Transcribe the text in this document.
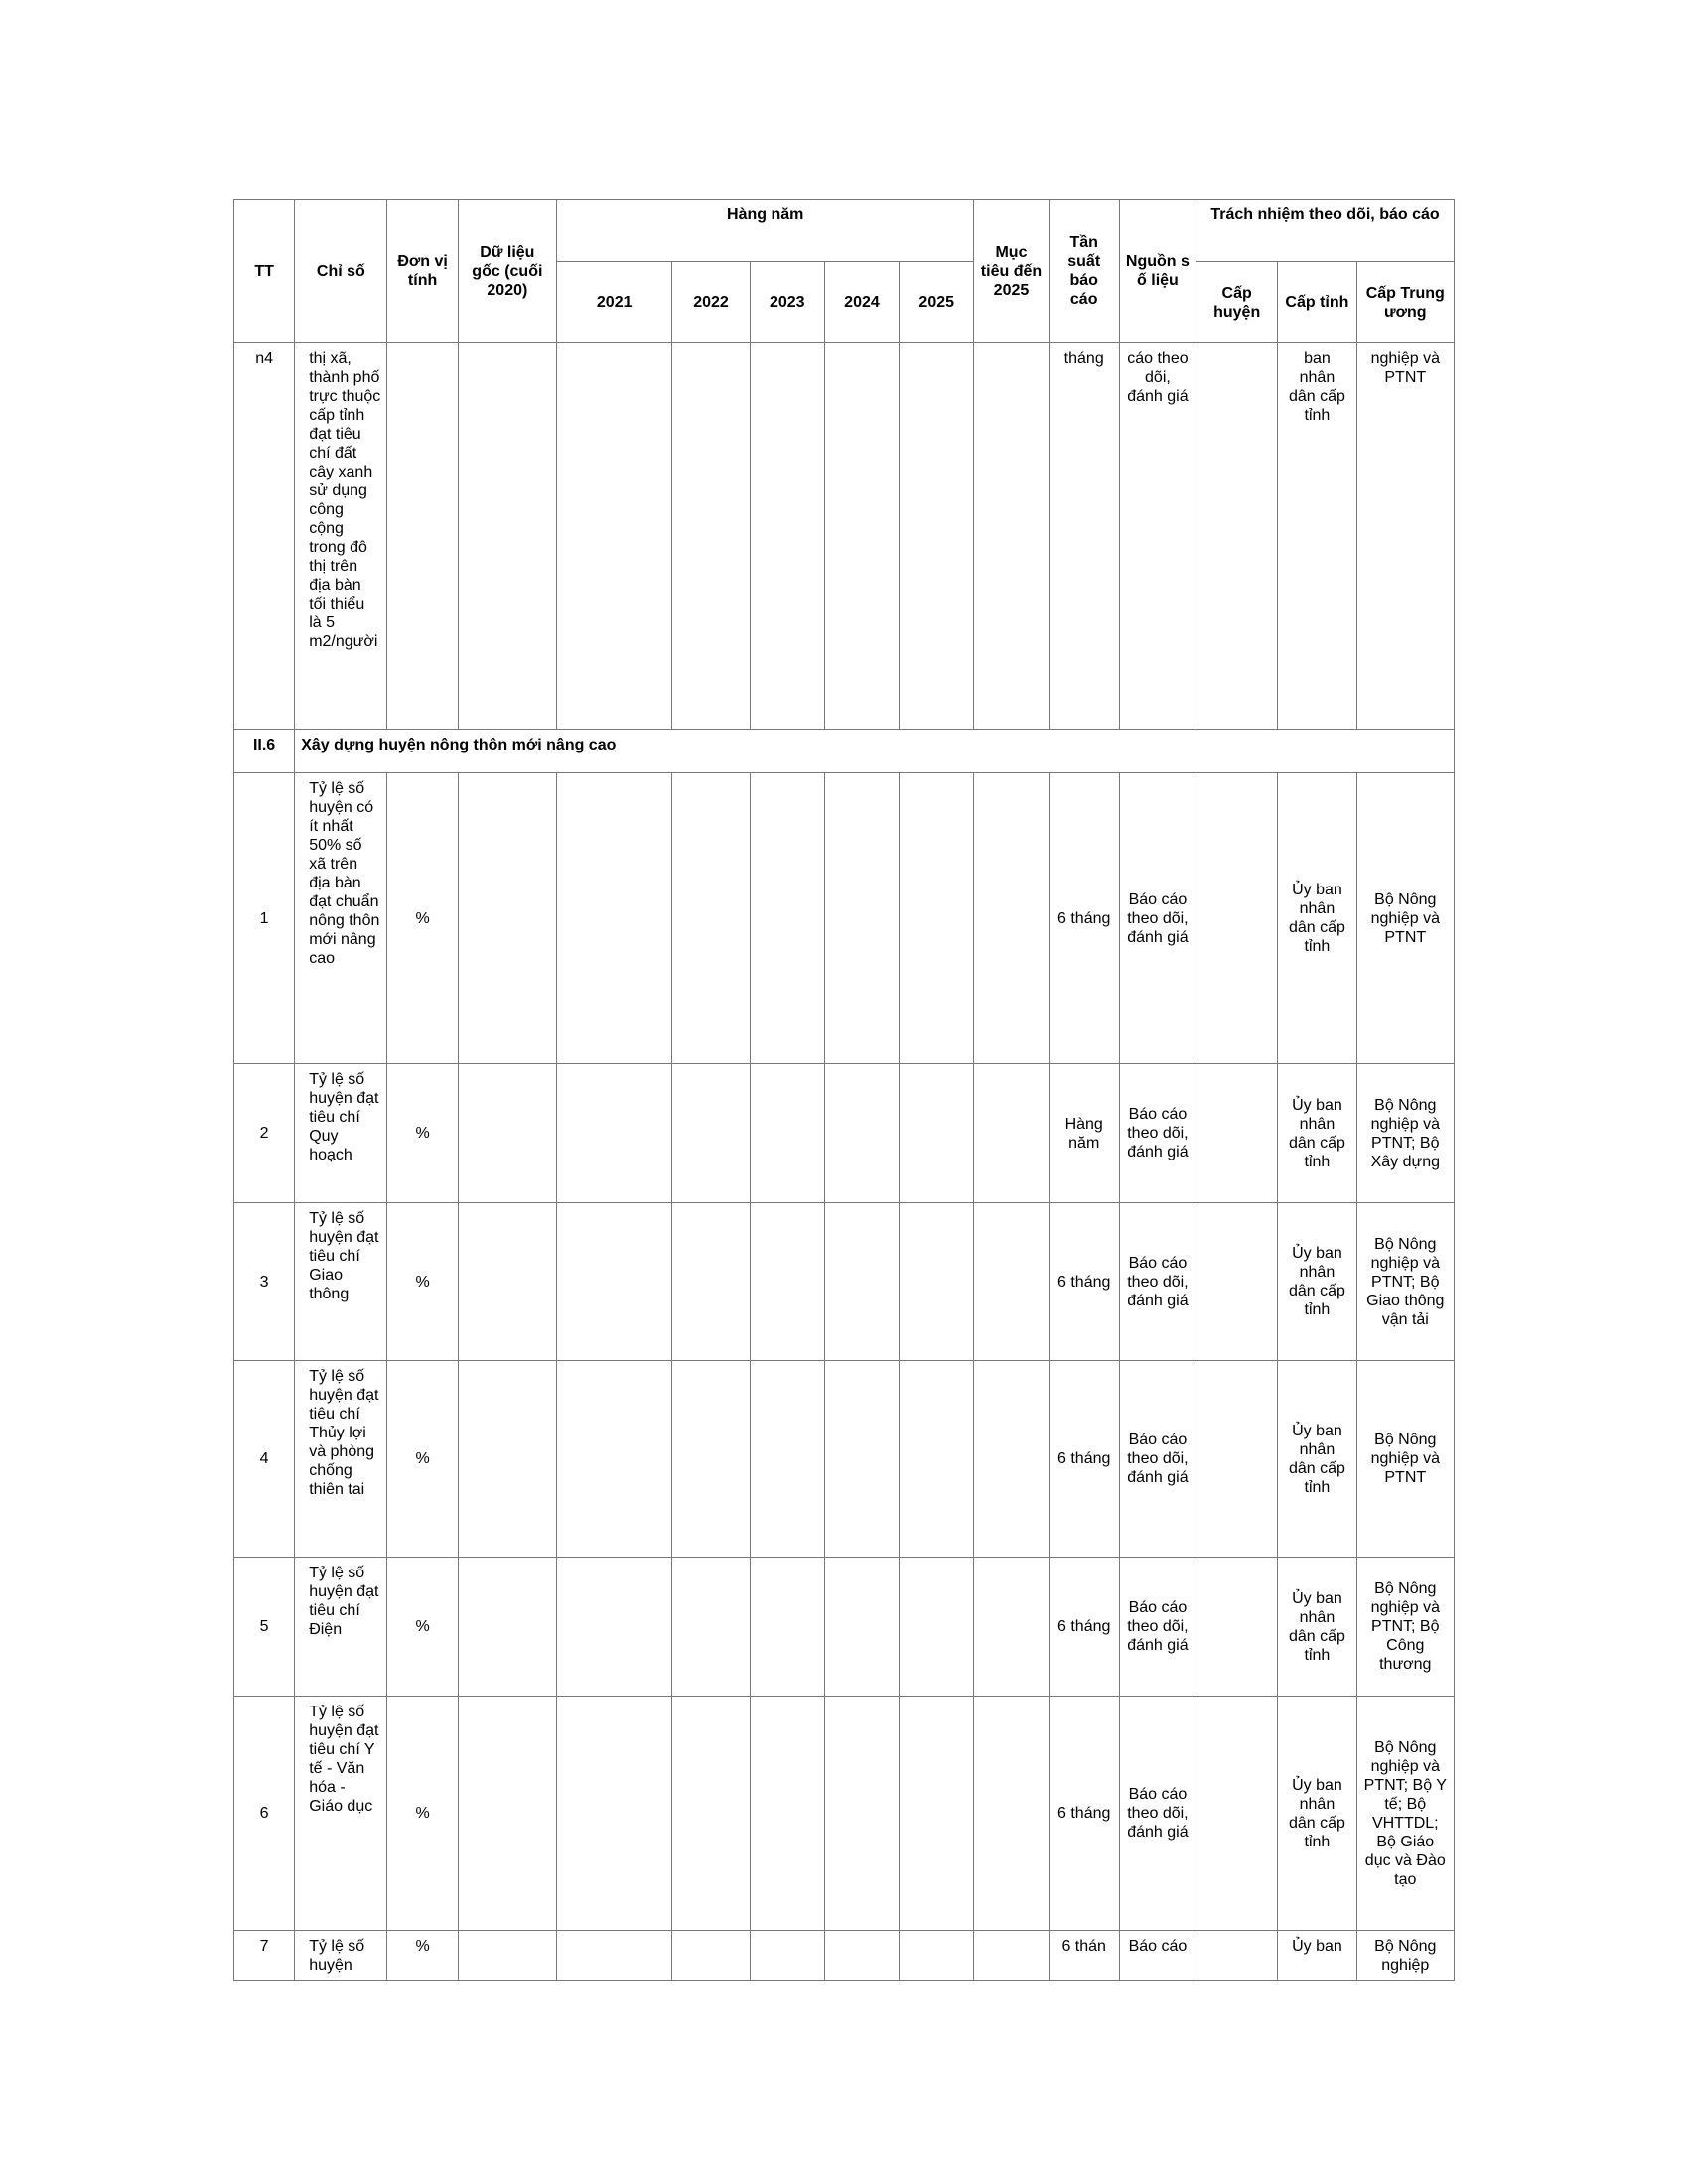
TT	Chỉ số	Đơn vị tính	Dữ liệu gốc (cuối 2020)	Hàng năm					Mục tiêu đến 2025	Tần suất báo cáo	Nguồn số liệu	Trách nhiệm theo dõi, báo cáo		
				2021	2022	2023	2024	2025				Cấp huyện	Cấp tỉnh	Cấp Trung ương
n4	thị xã, thành phố trực thuộc cấp tỉnh đạt tiêu chí đất cây xanh sử dụng công cộng trong đô thị trên địa bàn tối thiểu là 5 m2/người									tháng	cáo theo dõi, đánh giá		ban nhân dân cấp tỉnh	nghiệp và PTNT
II.6	Xây dựng huyện nông thôn mới nâng cao													
1	Tỷ lệ số huyện có ít nhất 50% số xã trên địa bàn đạt chuẩn nông thôn mới nâng cao	%								6 tháng	Báo cáo theo dõi, đánh giá		Ủy ban nhân dân cấp tỉnh	Bộ Nông nghiệp và PTNT
2	Tỷ lệ số huyện đạt tiêu chí Quy hoạch	%								Hàng năm	Báo cáo theo dõi, đánh giá		Ủy ban nhân dân cấp tỉnh	Bộ Nông nghiệp và PTNT; Bộ Xây dựng
3	Tỷ lệ số huyện đạt tiêu chí Giao thông	%								6 tháng	Báo cáo theo dõi, đánh giá		Ủy ban nhân dân cấp tỉnh	Bộ Nông nghiệp và PTNT; Bộ Giao thông vận tải
4	Tỷ lệ số huyện đạt tiêu chí Thủy lợi và phòng chống thiên tai	%								6 tháng	Báo cáo theo dõi, đánh giá		Ủy ban nhân dân cấp tỉnh	Bộ Nông nghiệp và PTNT
5	Tỷ lệ số huyện đạt tiêu chí Điện	%								6 tháng	Báo cáo theo dõi, đánh giá		Ủy ban nhân dân cấp tỉnh	Bộ Nông nghiệp và PTNT; Bộ Công thương
6	Tỷ lệ số huyện đạt tiêu chí Y tế - Văn hóa - Giáo dục	%								6 tháng	Báo cáo theo dõi, đánh giá		Ủy ban nhân dân cấp tỉnh	Bộ Nông nghiệp và PTNT; Bộ Y tế; Bộ VHTTDL; Bộ Giáo dục và Đào tạo
7	Tỷ lệ số huyện	%								6 thán	Báo cáo		Ủy ban	Bộ Nông nghiệp
